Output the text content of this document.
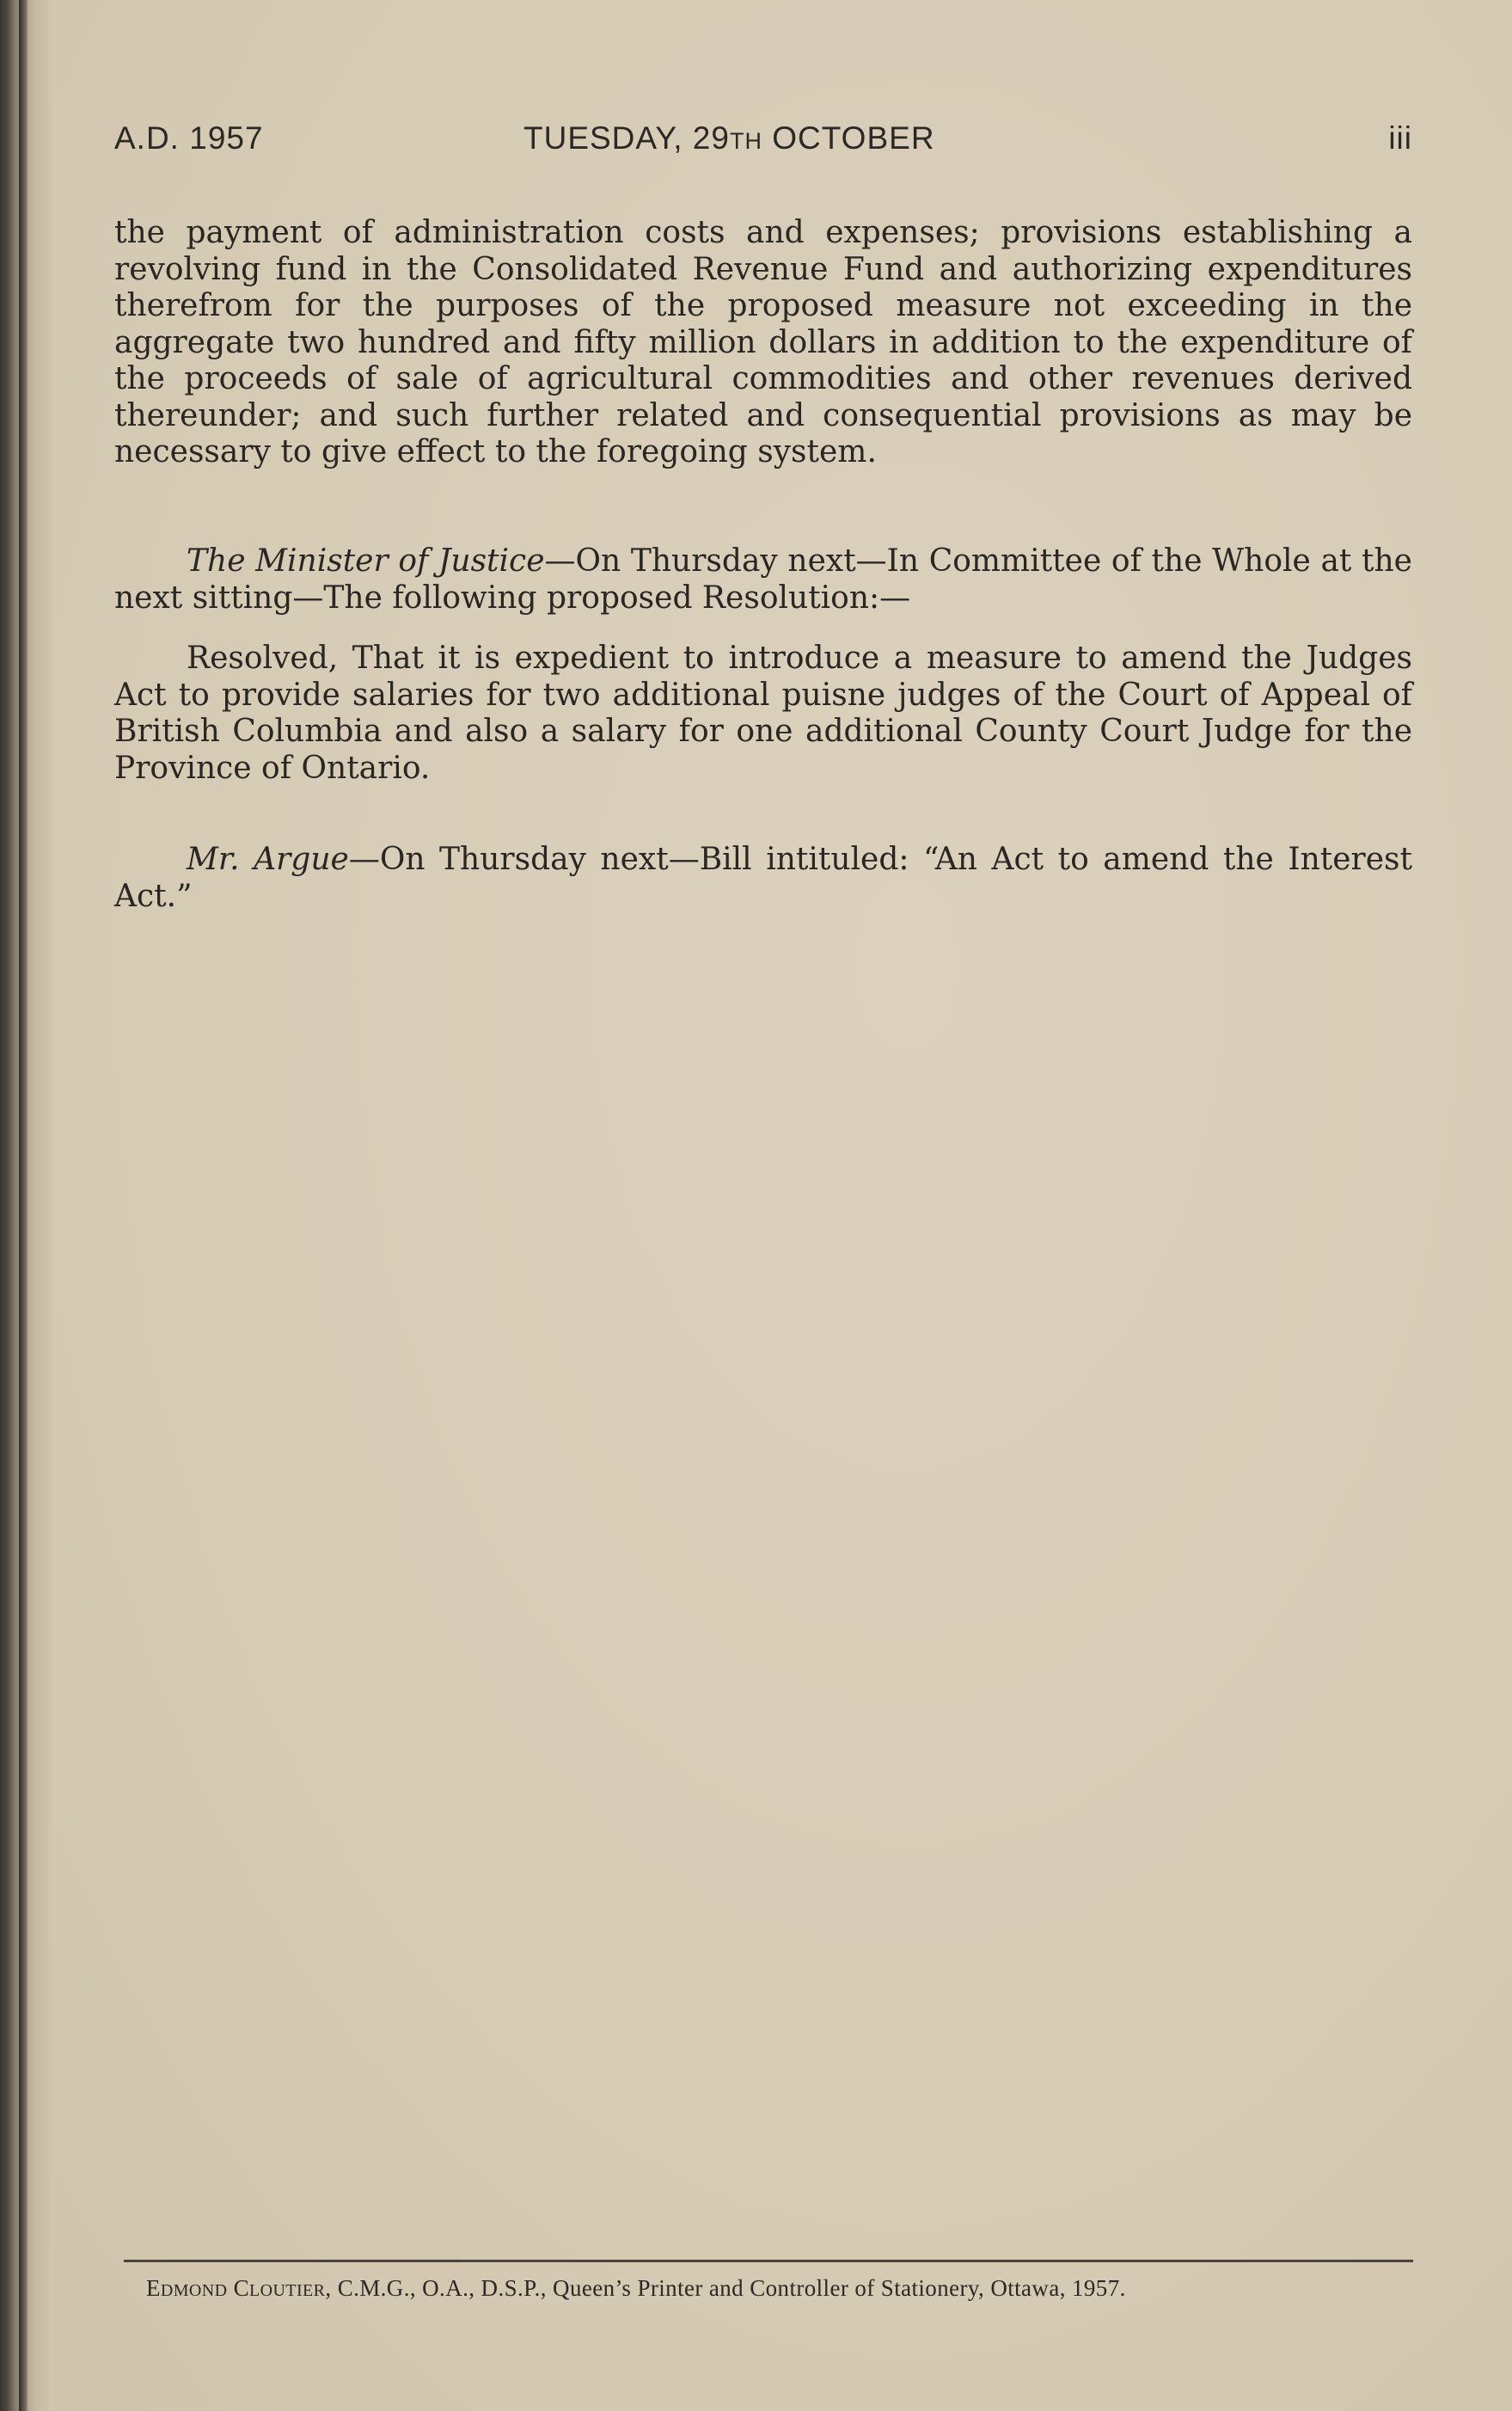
A.D. 1957	TUESDAY, 29TH OCTOBER	iii

the payment of administration costs and expenses; provisions establishing a revolving fund in the Consolidated Revenue Fund and authorizing expenditures therefrom for the purposes of the proposed measure not exceeding in the aggregate two hundred and fifty million dollars in addition to the expenditure of the proceeds of sale of agricultural commodities and other revenues derived thereunder; and such further related and consequential provisions as may be necessary to give effect to the foregoing system.

The Minister of Justice—On Thursday next—In Committee of the Whole at the next sitting—The following proposed Resolution:—

Resolved, That it is expedient to introduce a measure to amend the Judges Act to provide salaries for two additional puisne judges of the Court of Appeal of British Columbia and also a salary for one additional County Court Judge for the Province of Ontario.

Mr. Argue—On Thursday next—Bill intituled: “An Act to amend the Interest Act.”

EDMOND CLOUTIER, C.M.G., O.A., D.S.P., Queen’s Printer and Controller of Stationery, Ottawa, 1957.
